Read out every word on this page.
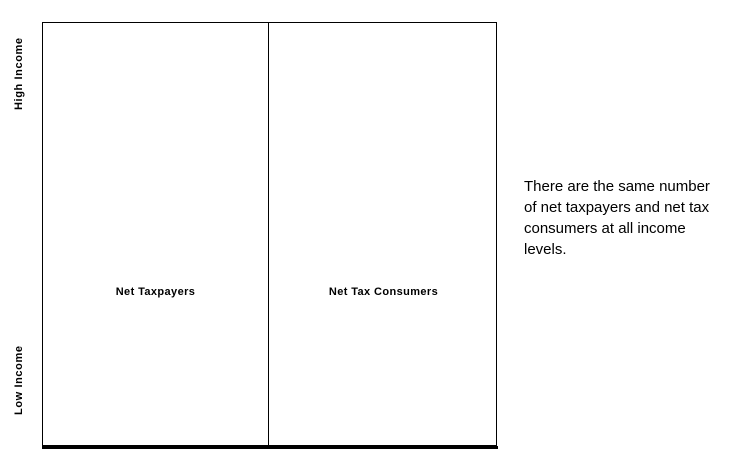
High Income
Low Income
Net Taxpayers	Net Tax Consumers
There are the same number of net taxpayers and net tax consumers at all income levels.
